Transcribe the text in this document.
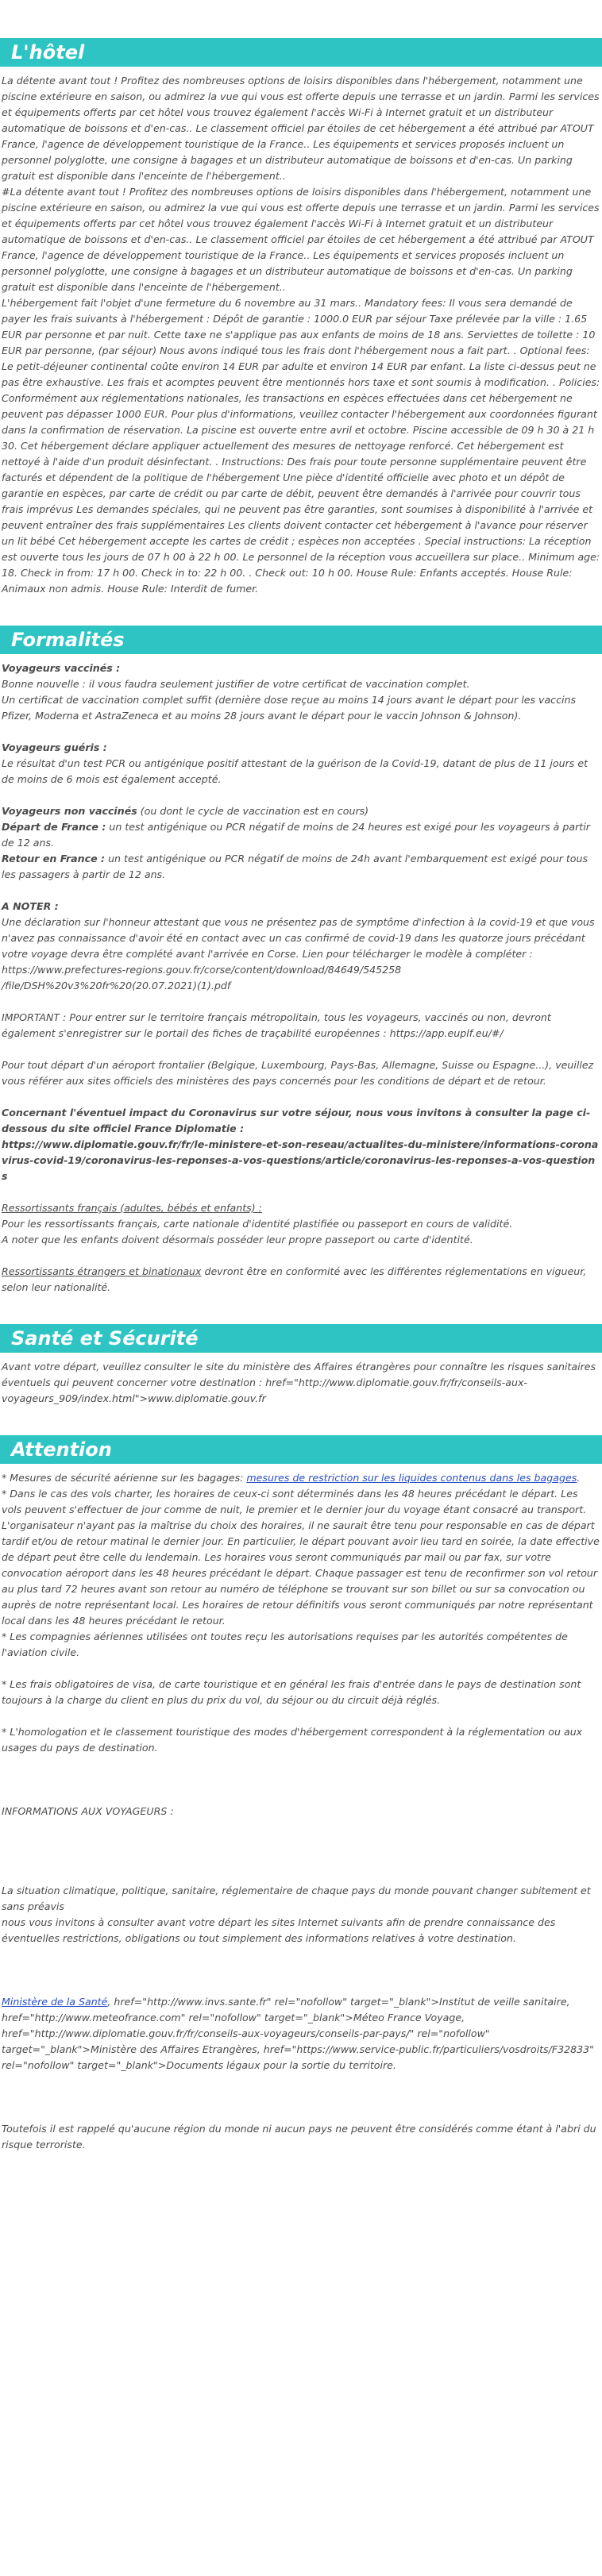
L'hôtel

La détente avant tout ! Profitez des nombreuses options de loisirs disponibles dans l'hébergement, notamment une piscine extérieure en saison, ou admirez la vue qui vous est offerte depuis une terrasse et un jardin. Parmi les services et équipements offerts par cet hôtel vous trouvez également l'accès Wi-Fi à Internet gratuit et un distributeur automatique de boissons et d'en-cas.. Le classement officiel par étoiles de cet hébergement a été attribué par ATOUT France, l'agence de développement touristique de la France.. Les équipements et services proposés incluent un personnel polyglotte, une consigne à bagages et un distributeur automatique de boissons et d'en-cas. Un parking gratuit est disponible dans l'enceinte de l'hébergement..

#La détente avant tout ! Profitez des nombreuses options de loisirs disponibles dans l'hébergement, notamment une piscine extérieure en saison, ou admirez la vue qui vous est offerte depuis une terrasse et un jardin. Parmi les services et équipements offerts par cet hôtel vous trouvez également l'accès Wi-Fi à Internet gratuit et un distributeur automatique de boissons et d'en-cas.. Le classement officiel par étoiles de cet hébergement a été attribué par ATOUT France, l'agence de développement touristique de la France.. Les équipements et services proposés incluent un personnel polyglotte, une consigne à bagages et un distributeur automatique de boissons et d'en-cas. Un parking gratuit est disponible dans l'enceinte de l'hébergement..

L'hébergement fait l'objet d'une fermeture du 6 novembre au 31 mars.. Mandatory fees: Il vous sera demandé de payer les frais suivants à l'hébergement : Dépôt de garantie : 1000.0 EUR par séjour Taxe prélevée par la ville : 1.65 EUR par personne et par nuit. Cette taxe ne s'applique pas aux enfants de moins de 18 ans. Serviettes de toilette : 10 EUR par personne, (par séjour) Nous avons indiqué tous les frais dont l'hébergement nous a fait part. . Optional fees: Le petit-déjeuner continental coûte environ 14 EUR par adulte et environ 14 EUR par enfant. La liste ci-dessus peut ne pas être exhaustive. Les frais et acomptes peuvent être mentionnés hors taxe et sont soumis à modification. . Policies: Conformément aux réglementations nationales, les transactions en espèces effectuées dans cet hébergement ne peuvent pas dépasser 1000 EUR. Pour plus d'informations, veuillez contacter l'hébergement aux coordonnées figurant dans la confirmation de réservation. La piscine est ouverte entre avril et octobre. Piscine accessible de 09 h 30 à 21 h 30. Cet hébergement déclare appliquer actuellement des mesures de nettoyage renforcé. Cet hébergement est nettoyé à l'aide d'un produit désinfectant. . Instructions: Des frais pour toute personne supplémentaire peuvent être facturés et dépendent de la politique de l'hébergement Une pièce d'identité officielle avec photo et un dépôt de garantie en espèces, par carte de crédit ou par carte de débit, peuvent être demandés à l'arrivée pour couvrir tous frais imprévus Les demandes spéciales, qui ne peuvent pas être garanties, sont soumises à disponibilité à l'arrivée et peuvent entraîner des frais supplémentaires Les clients doivent contacter cet hébergement à l'avance pour réserver un lit bébé Cet hébergement accepte les cartes de crédit ; espèces non acceptées . Special instructions: La réception est ouverte tous les jours de 07 h 00 à 22 h 00. Le personnel de la réception vous accueillera sur place.. Minimum age: 18. Check in from: 17 h 00. Check in to: 22 h 00. . Check out: 10 h 00. House Rule: Enfants acceptés. House Rule: Animaux non admis. House Rule: Interdit de fumer.

Formalités

Voyageurs vaccinés :

Bonne nouvelle : il vous faudra seulement justifier de votre certificat de vaccination complet.

Un certificat de vaccination complet suffit (dernière dose reçue au moins 14 jours avant le départ pour les vaccins Pfizer, Moderna et AstraZeneca et au moins 28 jours avant le départ pour le vaccin Johnson & Johnson).

Voyageurs guéris :

Le résultat d'un test PCR ou antigénique positif attestant de la guérison de la Covid-19, datant de plus de 11 jours et de moins de 6 mois est également accepté.

Voyageurs non vaccinés (ou dont le cycle de vaccination est en cours)

Départ de France : un test antigénique ou PCR négatif de moins de 24 heures est exigé pour les voyageurs à partir de 12 ans.

Retour en France : un test antigénique ou PCR négatif de moins de 24h avant l'embarquement est exigé pour tous les passagers à partir de 12 ans.

A NOTER :

Une déclaration sur l'honneur attestant que vous ne présentez pas de symptôme d'infection à la covid-19 et que vous n'avez pas connaissance d'avoir été en contact avec un cas confirmé de covid-19 dans les quatorze jours précédant votre voyage devra être complété avant l'arrivée en Corse. Lien pour télécharger le modèle à compléter :

https://www.prefectures-regions.gouv.fr/corse/content/download/84649/545258

/file/DSH%20v3%20fr%20(20.07.2021)(1).pdf

IMPORTANT : Pour entrer sur le territoire français métropolitain, tous les voyageurs, vaccinés ou non, devront également s'enregistrer sur le portail des fiches de traçabilité européennes : https://app.euplf.eu/#/

Pour tout départ d'un aéroport frontalier (Belgique, Luxembourg, Pays-Bas, Allemagne, Suisse ou Espagne...), veuillez vous référer aux sites officiels des ministères des pays concernés pour les conditions de départ et de retour.

Concernant l'éventuel impact du Coronavirus sur votre séjour, nous vous invitons à consulter la page ci-dessous du site officiel France Diplomatie :

https://www.diplomatie.gouv.fr/fr/le-ministere-et-son-reseau/actualites-du-ministere/informations-coronavirus-covid-19/coronavirus-les-reponses-a-vos-questions/article/coronavirus-les-reponses-a-vos-questions

Ressortissants français (adultes, bébés et enfants) :

Pour les ressortissants français, carte nationale d'identité plastifiée ou passeport en cours de validité.

A noter que les enfants doivent désormais posséder leur propre passeport ou carte d'identité.

Ressortissants étrangers et binationaux devront être en conformité avec les différentes réglementations en vigueur, selon leur nationalité.

Santé et Sécurité

Avant votre départ, veuillez consulter le site du ministère des Affaires étrangères pour connaître les risques sanitaires éventuels qui peuvent concerner votre destination : href="http://www.diplomatie.gouv.fr/fr/conseils-aux-voyageurs_909/index.html">www.diplomatie.gouv.fr

Attention

* Mesures de sécurité aérienne sur les bagages: mesures de restriction sur les liquides contenus dans les bagages.

* Dans le cas des vols charter, les horaires de ceux-ci sont déterminés dans les 48 heures précédant le départ. Les vols peuvent s'effectuer de jour comme de nuit, le premier et le dernier jour du voyage étant consacré au transport. L'organisateur n'ayant pas la maîtrise du choix des horaires, il ne saurait être tenu pour responsable en cas de départ tardif et/ou de retour matinal le dernier jour. En particulier, le départ pouvant avoir lieu tard en soirée, la date effective de départ peut être celle du lendemain. Les horaires vous seront communiqués par mail ou par fax, sur votre convocation aéroport dans les 48 heures précédant le départ. Chaque passager est tenu de reconfirmer son vol retour au plus tard 72 heures avant son retour au numéro de téléphone se trouvant sur son billet ou sur sa convocation ou auprès de notre représentant local. Les horaires de retour définitifs vous seront communiqués par notre représentant local dans les 48 heures précédant le retour.

* Les compagnies aériennes utilisées ont toutes reçu les autorisations requises par les autorités compétentes de l'aviation civile.

* Les frais obligatoires de visa, de carte touristique et en général les frais d'entrée dans le pays de destination sont toujours à la charge du client en plus du prix du vol, du séjour ou du circuit déjà réglés.

* L'homologation et le classement touristique des modes d'hébergement correspondent à la réglementation ou aux usages du pays de destination.

INFORMATIONS AUX VOYAGEURS :

La situation climatique, politique, sanitaire, réglementaire de chaque pays du monde pouvant changer subitement et sans préavis

nous vous invitons à consulter avant votre départ les sites Internet suivants afin de prendre connaissance des éventuelles restrictions, obligations ou tout simplement des informations relatives à votre destination.

Ministère de la Santé, href="http://www.invs.sante.fr" rel="nofollow" target="_blank">Institut de veille sanitaire, href="http://www.meteofrance.com" rel="nofollow" target="_blank">Méteo France Voyage, href="http://www.diplomatie.gouv.fr/fr/conseils-aux-voyageurs/conseils-par-pays/" rel="nofollow" target="_blank">Ministère des Affaires Etrangères, href="https://www.service-public.fr/particuliers/vosdroits/F32833" rel="nofollow" target="_blank">Documents légaux pour la sortie du territoire.

Toutefois il est rappelé qu'aucune région du monde ni aucun pays ne peuvent être considérés comme étant à l'abri du risque terroriste.
